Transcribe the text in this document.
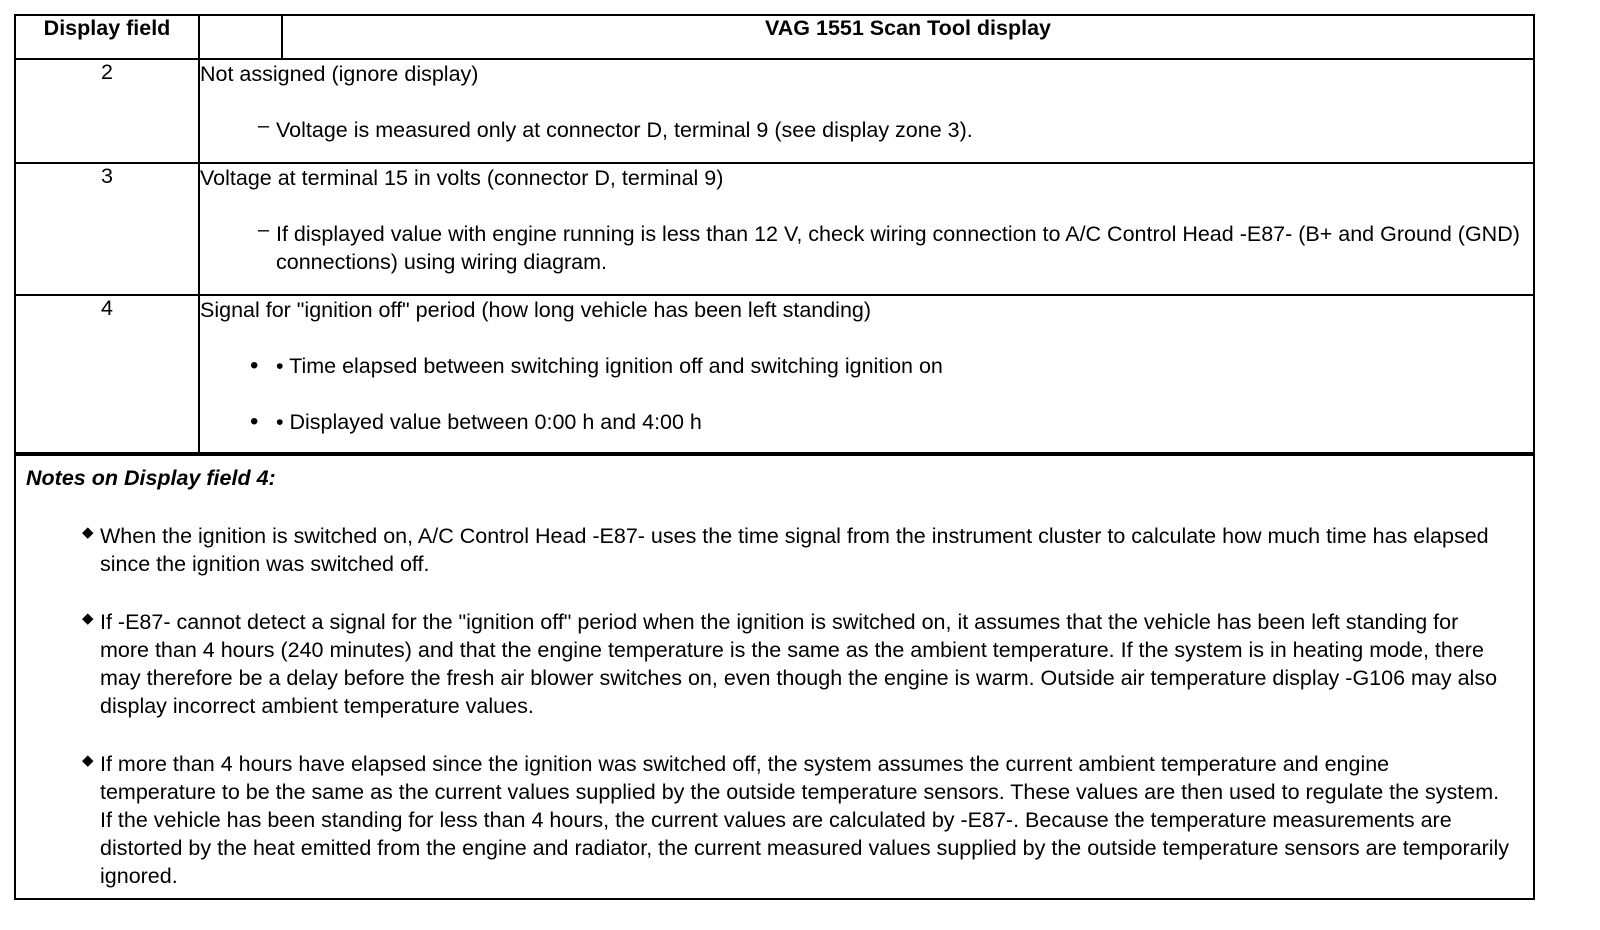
Display field		VAG 1551 Scan Tool display
2	Not assigned (ignore display)
– Voltage is measured only at connector D, terminal 9 (see display zone 3).	

3	Voltage at terminal 15 in volts (connector D, terminal 9)
– If displayed value with engine running is less than 12 V, check wiring connection to A/C Control Head -E87- (B+ and Ground (GND) connections) using wiring diagram.	

4	Signal for "ignition off" period (how long vehicle has been left standing)
• • Time elapsed between switching ignition off and switching ignition on
• • Displayed value between 0:00 h and 4:00 h	
Notes on Display field 4:
◆ When the ignition is switched on, A/C Control Head -E87- uses the time signal from the instrument cluster to calculate how much time has elapsed since the ignition was switched off.
◆ If -E87- cannot detect a signal for the "ignition off" period when the ignition is switched on, it assumes that the vehicle has been left standing for more than 4 hours (240 minutes) and that the engine temperature is the same as the ambient temperature. If the system is in heating mode, there may therefore be a delay before the fresh air blower switches on, even though the engine is warm. Outside air temperature display -G106 may also display incorrect ambient temperature values.
◆ If more than 4 hours have elapsed since the ignition was switched off, the system assumes the current ambient temperature and engine temperature to be the same as the current values supplied by the outside temperature sensors. These values are then used to regulate the system. If the vehicle has been standing for less than 4 hours, the current values are calculated by -E87-. Because the temperature measurements are distorted by the heat emitted from the engine and radiator, the current measured values supplied by the outside temperature sensors are temporarily ignored.
